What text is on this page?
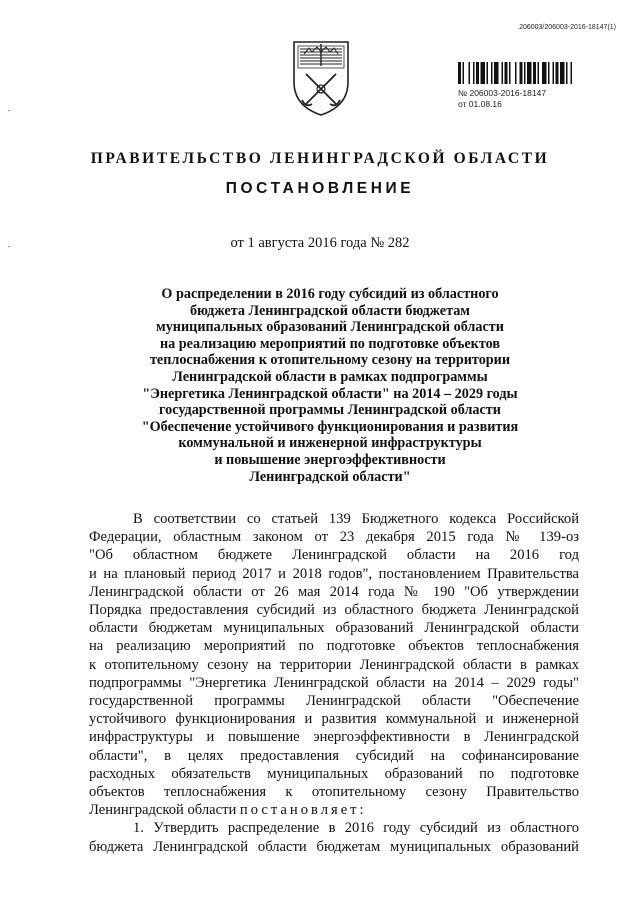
206003/206003-2016-18147(1)
№ 206003-2016-18147
от 01.08.16
ПРАВИТЕЛЬСТВО ЛЕНИНГРАДСКОЙ ОБЛАСТИ
ПОСТАНОВЛЕНИЕ
от 1 августа 2016 года № 282
О распределении в 2016 году субсидий из областного
бюджета Ленинградской области бюджетам
муниципальных образований Ленинградской области
на реализацию мероприятий по подготовке объектов
теплоснабжения к отопительному сезону на территории
Ленинградской области в рамках подпрограммы
"Энергетика Ленинградской области" на 2014 – 2029 годы
государственной программы Ленинградской области
"Обеспечение устойчивого функционирования и развития
коммунальной и инженерной инфраструктуры
и повышение энергоэффективности
Ленинградской области"
В соответствии со статьей 139 Бюджетного кодекса Российской
Федерации, областным законом от 23 декабря 2015 года № 139-оз
"Об областном бюджете Ленинградской области на 2016 год
и на плановый период 2017 и 2018 годов", постановлением Правительства
Ленинградской области от 26 мая 2014 года № 190 "Об утверждении
Порядка предоставления субсидий из областного бюджета Ленинградской
области бюджетам муниципальных образований Ленинградской области
на реализацию мероприятий по подготовке объектов теплоснабжения
к отопительному сезону на территории Ленинградской области в рамках
подпрограммы "Энергетика Ленинградской области на 2014 – 2029 годы"
государственной программы Ленинградской области "Обеспечение
устойчивого функционирования и развития коммунальной и инженерной
инфраструктуры и повышение энергоэффективности в Ленинградской
области", в целях предоставления субсидий на софинансирование
расходных обязательств муниципальных образований по подготовке
объектов теплоснабжения к отопительному сезону Правительство
Ленинградской области постановляет:
1. Утвердить распределение в 2016 году субсидий из областного
бюджета Ленинградской области бюджетам муниципальных образований
